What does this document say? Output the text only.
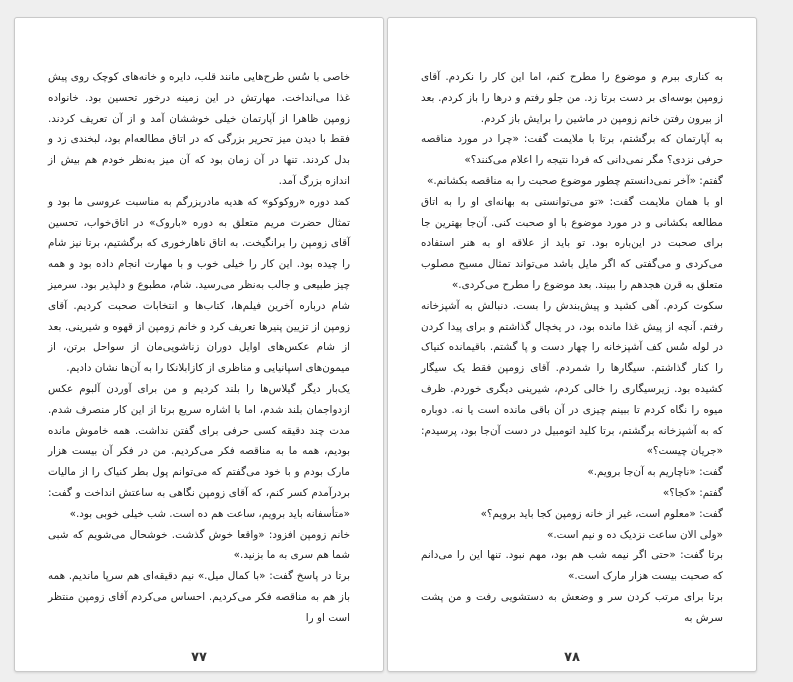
خاصی با سُس طرح‌هایی مانند قلب، دایره و خانه‌های کوچک روی پیش غذا می‌انداخت. مهارتش در این زمینه درخور تحسین بود. خانواده زومپن ظاهرا از آپارتمان خیلی خوششان آمد و از آن تعریف کردند. فقط با دیدن میز تحریر بزرگی که در اتاق مطالعه‌ام بود، لبخندی زد و بدل کردند. تنها در آن زمان بود که آن میز به‌نظر خودم هم بیش از اندازه بزرگ آمد.

کمد دوره «روکوکو» که هدیه مادربزرگم به مناسبت عروسی ما بود و تمثال حضرت مریم متعلق به دوره «باروک» در اتاق‌خواب، تحسین آقای زومپن را برانگیخت. به اتاق ناهارخوری که برگشتیم، برتا نیز شام را چیده بود. این کار را خیلی خوب و با مهارت انجام داده بود و همه چیز طبیعی و جالب به‌نظر می‌رسید. شام، مطبوع و دلپذیر بود. سرمیز شام درباره آخرین فیلم‌ها، کتاب‌ها و انتخابات صحبت کردیم. آقای زومپن از تزیین پنیرها تعریف کرد و خانم زومپن از قهوه و شیرینی. بعد از شام عکس‌های اوایل دوران زناشویی‌مان از سواحل برتن، از میمون‌های اسپانیایی و مناظری از کازابلانکا را به آن‌ها نشان دادیم.

یک‌بار دیگر گیلاس‌ها را بلند کردیم و من برای آوردن آلبوم عکس ازدواجمان بلند شدم، اما با اشاره سریع برتا از این کار منصرف شدم. مدت چند دقیقه کسی حرفی برای گفتن نداشت. همه خاموش مانده بودیم، همه ما به مناقصه فکر می‌کردیم. من در فکر آن بیست هزار مارک بودم و با خود می‌گفتم که می‌توانم پول بطر کنیاک را از مالیات بردرآمدم کسر کنم، که آقای زومپن نگاهی به ساعتش انداخت و گفت: «متأسفانه باید برویم، ساعت هم ده است. شب خیلی خوبی بود.»

خانم زومپن افزود: «واقعا خوش گذشت. خوشحال می‌شویم که شبی شما هم سری به ما بزنید.»

برتا در پاسخ گفت: «با کمال میل.» نیم دقیقه‌ای هم سرپا ماندیم. همه باز هم به مناقصه فکر می‌کردیم. احساس می‌کردم آقای زومپن منتظر است او را

۷۷

به کناری ببرم و موضوع را مطرح کنم، اما این کار را نکردم. آقای زومپن بوسه‌ای بر دست برتا زد. من جلو رفتم و درها را باز کردم. بعد از بیرون رفتن خانم زومپن در ماشین را برایش باز کردم.

به آپارتمان که برگشتم، برتا با ملایمت گفت: «چرا در مورد مناقصه حرفی نزدی؟ مگر نمی‌دانی که فردا نتیجه را اعلام می‌کنند؟»

گفتم: «آخر نمی‌دانستم چطور موضوع صحبت را به مناقصه بکشانم.»

او با همان ملایمت گفت: «تو می‌توانستی به بهانه‌ای او را به اتاق مطالعه بکشانی و در مورد موضوع با او صحبت کنی. آن‌جا بهترین جا برای صحبت در این‌باره بود. تو باید از علاقه او به هنر استفاده می‌کردی و می‌گفتی که اگر مایل باشد می‌تواند تمثال مسیح مصلوب متعلق به قرن هجدهم را ببیند. بعد موضوع را مطرح می‌کردی.»

سکوت کردم. آهی کشید و پیش‌بندش را بست. دنبالش به آشپزخانه رفتم. آنچه از پیش غذا مانده بود، در یخچال گذاشتم و برای پیدا کردن در لوله سُس کف آشپزخانه را چهار دست و پا گشتم. باقیمانده کنیاک را کنار گذاشتم. سیگارها را شمردم. آقای زومپن فقط یک سیگار کشیده بود. زیرسیگاری را خالی کردم، شیرینی دیگری خوردم. ظرف میوه را نگاه کردم تا ببینم چیزی در آن باقی مانده است یا نه. دوباره که به آشپزخانه برگشتم، برتا کلید اتومبیل در دست آن‌جا بود، پرسیدم: «جریان چیست؟»

گفت: «ناچاریم به آن‌جا برویم.»

گفتم: «کجا؟»

گفت: «معلوم است، غیر از خانه زومپن کجا باید برویم؟»

«ولی الان ساعت نزدیک ده و نیم است.»

برتا گفت: «حتی اگر نیمه شب هم بود، مهم نبود. تنها این را می‌دانم که صحبت بیست هزار مارک است.»

برتا برای مرتب کردن سر و وضعش به دستشویی رفت و من پشت سرش به

۷۸
